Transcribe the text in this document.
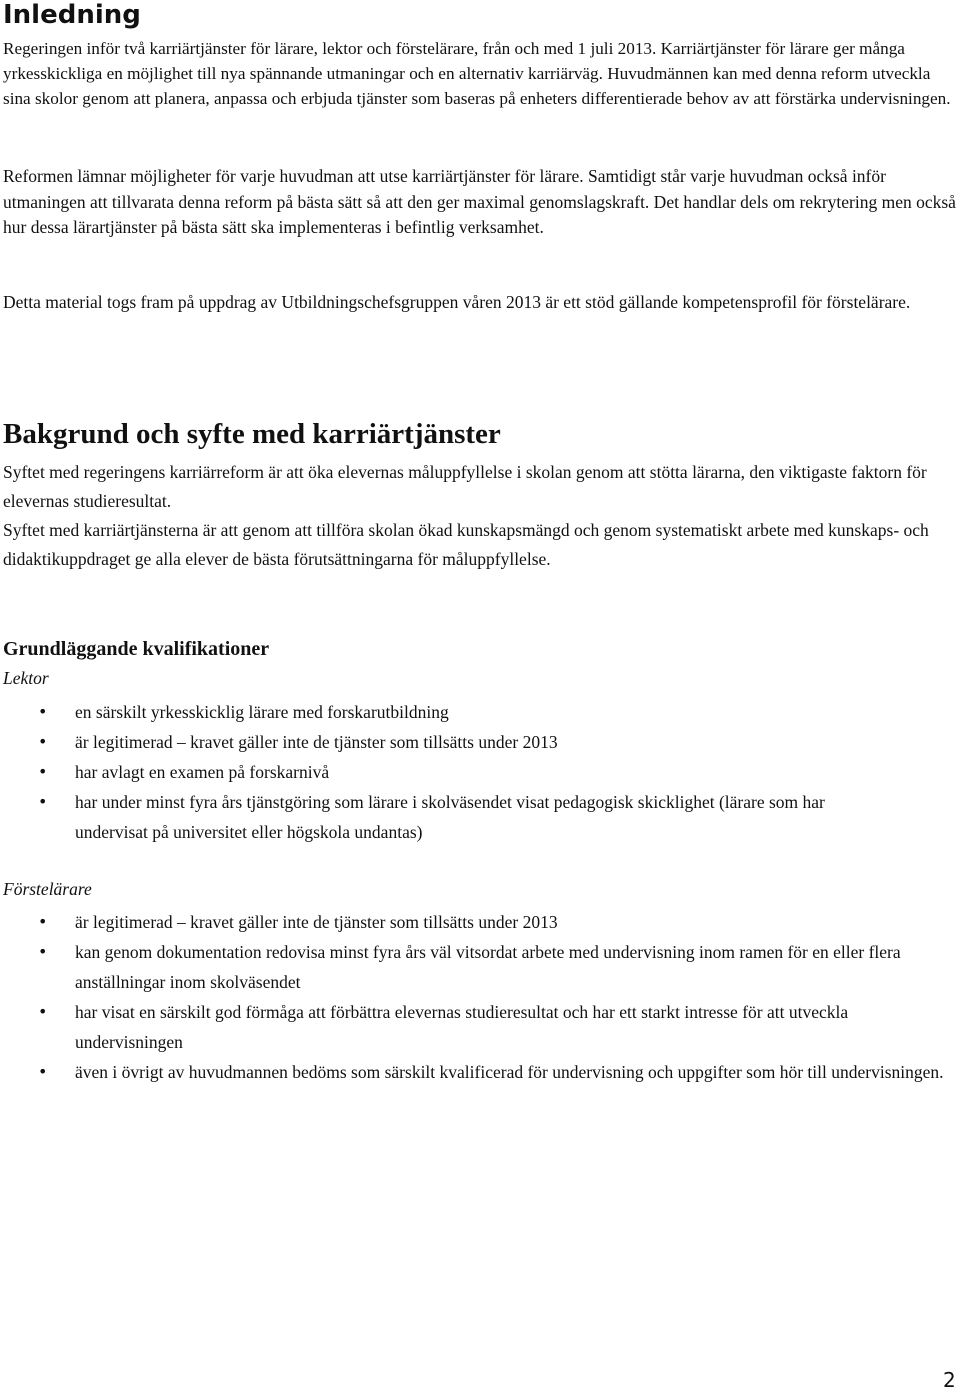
Inledning

Regeringen inför två karriärtjänster för lärare, lektor och förstelärare, från och med 1 juli 2013. Karriärtjänster för lärare ger många yrkesskickliga en möjlighet till nya spännande utmaningar och en alternativ karriärväg. Huvudmännen kan med denna reform utveckla sina skolor genom att planera, anpassa och erbjuda tjänster som baseras på enheters differentierade behov av att förstärka undervisningen.

Reformen lämnar möjligheter för varje huvudman att utse karriärtjänster för lärare. Samtidigt står varje huvudman också inför utmaningen att tillvarata denna reform på bästa sätt så att den ger maximal genomslagskraft. Det handlar dels om rekrytering men också hur dessa lärartjänster på bästa sätt ska implementeras i befintlig verksamhet.

Detta material togs fram på uppdrag av Utbildningschefsgruppen våren 2013 är ett stöd gällande kompetensprofil för förstelärare.

Bakgrund och syfte med karriärtjänster

Syftet med regeringens karriärreform är att öka elevernas måluppfyllelse i skolan genom att stötta lärarna, den viktigaste faktorn för elevernas studieresultat.

Syftet med karriärtjänsterna är att genom att tillföra skolan ökad kunskapsmängd och genom systematiskt arbete med kunskaps- och didaktikuppdraget ge alla elever de bästa förutsättningarna för måluppfyllelse.

Grundläggande kvalifikationer

Lektor

• en särskilt yrkesskicklig lärare med forskarutbildning
• är legitimerad – kravet gäller inte de tjänster som tillsätts under 2013
• har avlagt en examen på forskarnivå
• har under minst fyra års tjänstgöring som lärare i skolväsendet visat pedagogisk skicklighet (lärare som har undervisat på universitet eller högskola undantas)

Förstelärare

• är legitimerad – kravet gäller inte de tjänster som tillsätts under 2013
• kan genom dokumentation redovisa minst fyra års väl vitsordat arbete med undervisning inom ramen för en eller flera anställningar inom skolväsendet
• har visat en särskilt god förmåga att förbättra elevernas studieresultat och har ett starkt intresse för att utveckla undervisningen
• även i övrigt av huvudmannen bedöms som särskilt kvalificerad för undervisning och uppgifter som hör till undervisningen.
2
